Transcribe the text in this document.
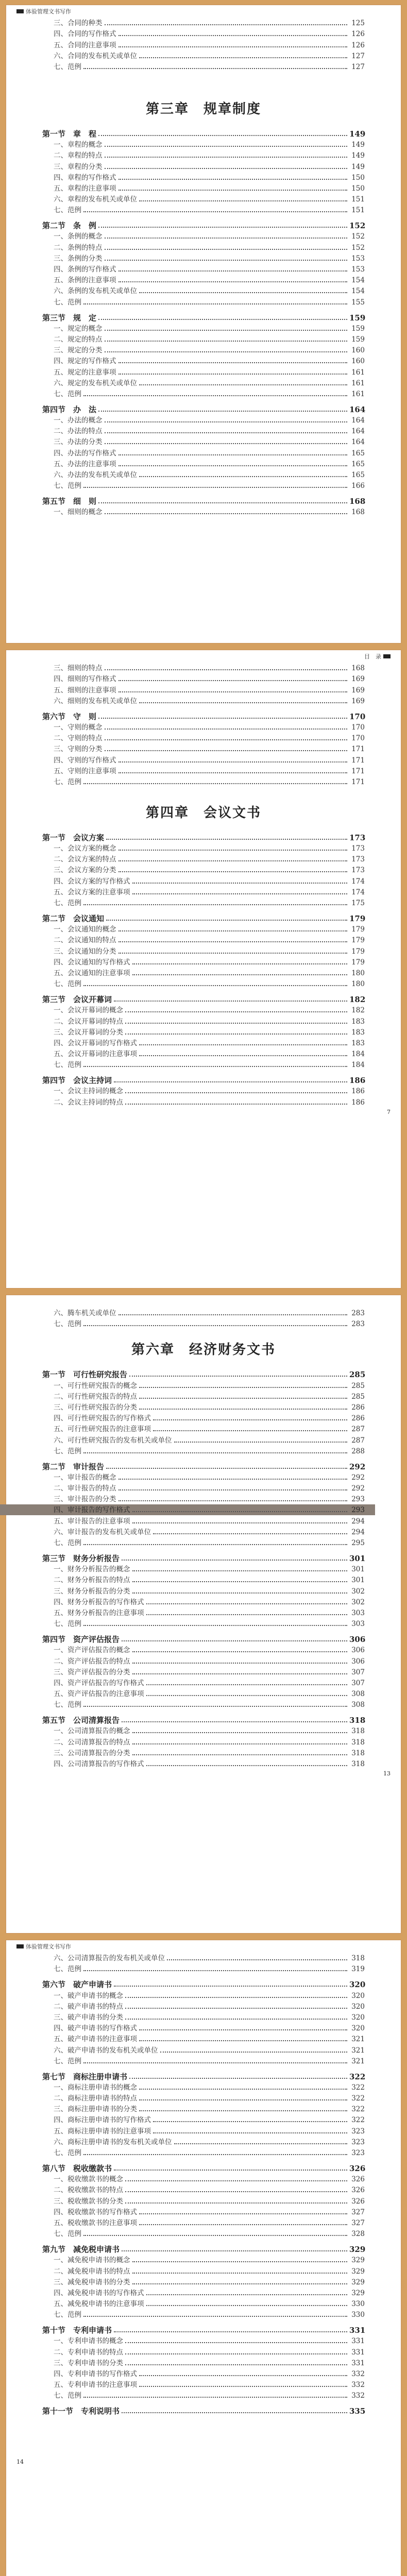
体验管理文书写作
三、合同的种类	125
四、合同的写作格式	126
五、合同的注意事项	126
六、合同的发布机关或单位	127
七、范例	127
第三章　规章制度
第一节　章　程	149
一、章程的概念	149
二、章程的特点	149
三、章程的分类	149
四、章程的写作格式	150
五、章程的注意事项	150
六、章程的发布机关或单位	151
七、范例	151
第二节　条　例	152
一、条例的概念	152
二、条例的特点	152
三、条例的分类	153
四、条例的写作格式	153
五、条例的注意事项	154
六、条例的发布机关或单位	154
七、范例	155
第三节　规　定	159
一、规定的概念	159
二、规定的特点	159
三、规定的分类	160
四、规定的写作格式	160
五、规定的注意事项	161
六、规定的发布机关或单位	161
七、范例	161
第四节　办　法	164
一、办法的概念	164
二、办法的特点	164
三、办法的分类	164
四、办法的写作格式	165
五、办法的注意事项	165
六、办法的发布机关或单位	165
七、范例	166
第五节　细　则	168
一、细则的概念	168
目　录
三、细则的特点	168
四、细则的写作格式	169
五、细则的注意事项	169
六、细则的发布机关或单位	169
第六节　守　则	170
一、守则的概念	170
二、守则的特点	170
三、守则的分类	171
四、守则的写作格式	171
五、守则的注意事项	171
七、范例	171
第四章　会议文书
第一节　会议方案	173
一、会议方案的概念	173
二、会议方案的特点	173
三、会议方案的分类	173
四、会议方案的写作格式	174
五、会议方案的注意事项	174
七、范例	175
第二节　会议通知	179
一、会议通知的概念	179
二、会议通知的特点	179
三、会议通知的分类	179
四、会议通知的写作格式	179
五、会议通知的注意事项	180
七、范例	180
第三节　会议开幕词	182
一、会议开幕词的概念	182
二、会议开幕词的特点	183
三、会议开幕词的分类	183
四、会议开幕词的写作格式	183
五、会议开幕词的注意事项	184
七、范例	184
第四节　会议主持词	186
一、会议主持词的概念	186
二、会议主持词的特点	186
7
六、腾车机关或单位	283
七、范例	283
第六章　经济财务文书
第一节　可行性研究报告	285
一、可行性研究报告的概念	285
二、可行性研究报告的特点	285
三、可行性研究报告的分类	286
四、可行性研究报告的写作格式	286
五、可行性研究报告的注意事项	287
六、可行性研究报告的发布机关或单位	287
七、范例	288
第二节　审计报告	292
一、审计报告的概念	292
二、审计报告的特点	292
三、审计报告的分类	293
四、审计报告的写作格式	293
五、审计报告的注意事项	294
六、审计报告的发布机关或单位	294
七、范例	295
第三节　财务分析报告	301
一、财务分析报告的概念	301
二、财务分析报告的特点	301
三、财务分析报告的分类	302
四、财务分析报告的写作格式	302
五、财务分析报告的注意事项	303
七、范例	303
第四节　资产评估报告	306
一、资产评估报告的概念	306
二、资产评估报告的特点	306
三、资产评估报告的分类	307
四、资产评估报告的写作格式	307
五、资产评估报告的注意事项	308
七、范例	308
第五节　公司清算报告	318
一、公司清算报告的概念	318
二、公司清算报告的特点	318
三、公司清算报告的分类	318
四、公司清算报告的写作格式	318
13
体验管理文书写作
六、公司清算报告的发布机关或单位	318
七、范例	319
第六节　破产申请书	320
一、破产申请书的概念	320
二、破产申请书的特点	320
三、破产申请书的分类	320
四、破产申请书的写作格式	320
五、破产申请书的注意事项	321
六、破产申请书的发布机关或单位	321
七、范例	321
第七节　商标注册申请书	322
一、商标注册申请书的概念	322
二、商标注册申请书的特点	322
三、商标注册申请书的分类	322
四、商标注册申请书的写作格式	322
五、商标注册申请书的注意事项	323
六、商标注册申请书的发布机关或单位	323
七、范例	323
第八节　税收缴款书	326
一、税收缴款书的概念	326
二、税收缴款书的特点	326
三、税收缴款书的分类	326
四、税收缴款书的写作格式	327
五、税收缴款书的注意事项	327
七、范例	328
第九节　减免税申请书	329
一、减免税申请书的概念	329
二、减免税申请书的特点	329
三、减免税申请书的分类	329
四、减免税申请书的写作格式	329
五、减免税申请书的注意事项	330
七、范例	330
第十节　专利申请书	331
一、专利申请书的概念	331
二、专利申请书的特点	331
三、专利申请书的分类	331
四、专利申请书的写作格式	332
五、专利申请书的注意事项	332
七、范例	332
第十一节　专利说明书	335
14
